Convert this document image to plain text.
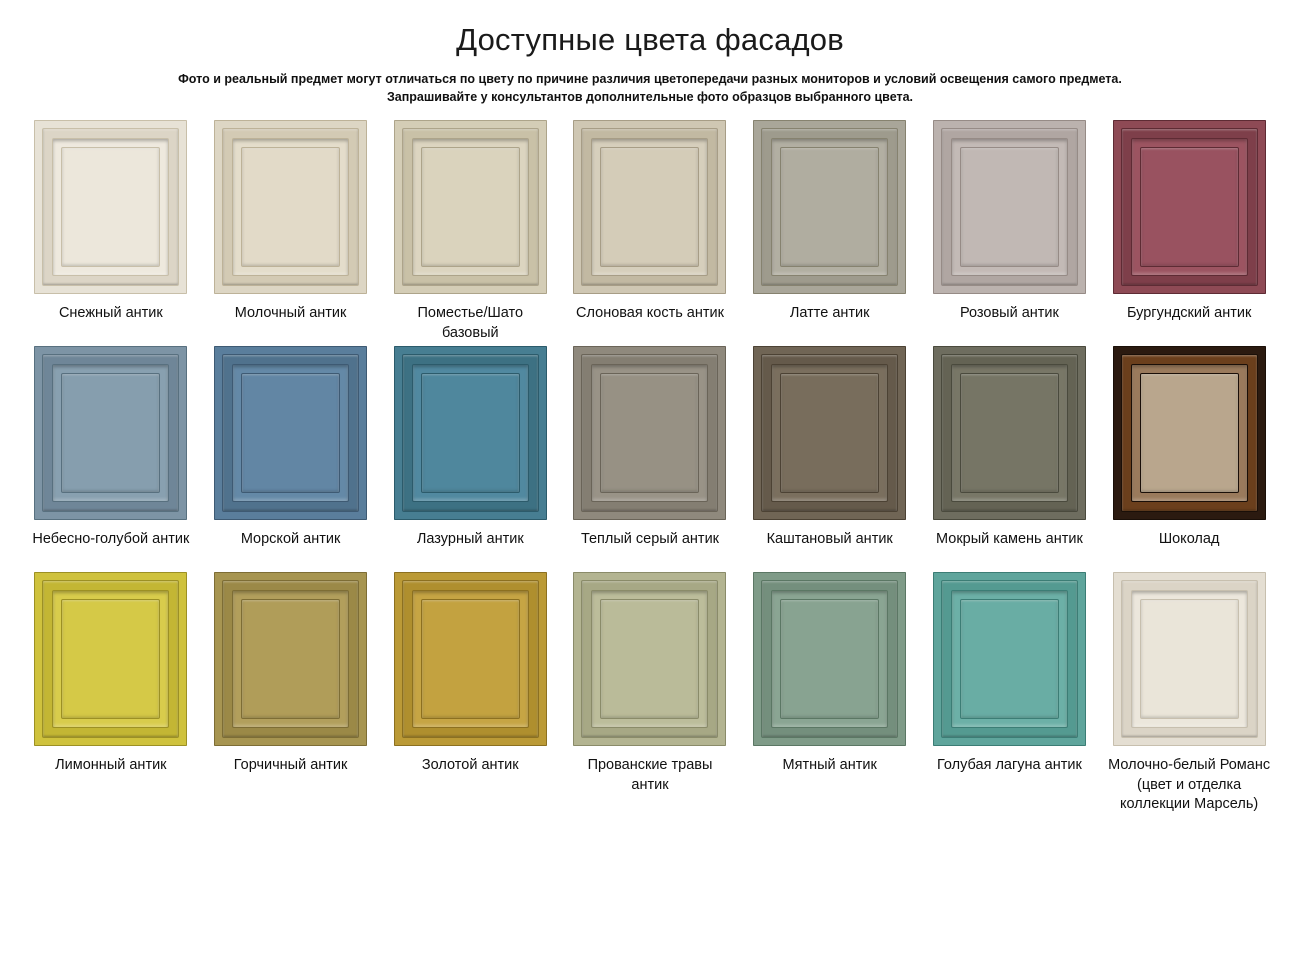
Доступные цвета фасадов
Фото и реальный предмет могут отличаться по цвету по причине различия цветопередачи разных мониторов и условий освещения самого предмета.
Запрашивайте у консультантов дополнительные фото образцов выбранного цвета.
Снежный антик	Молочный антик	Поместье/Шато базовый
Слоновая кость антик	Латте антик	Розовый антик	Бургундский антик
Небесно-голубой антик	Морской антик	Лазурный антик	Теплый серый антик	Каштановый антик	Мокрый камень антик	Шоколад
Лимонный антик	Горчичный антик	Золотой антик	Прованские травы антик
Мятный антик	Голубая лагуна антик Молочно-белый Романс (цвет и отделка коллекции Марсель)
